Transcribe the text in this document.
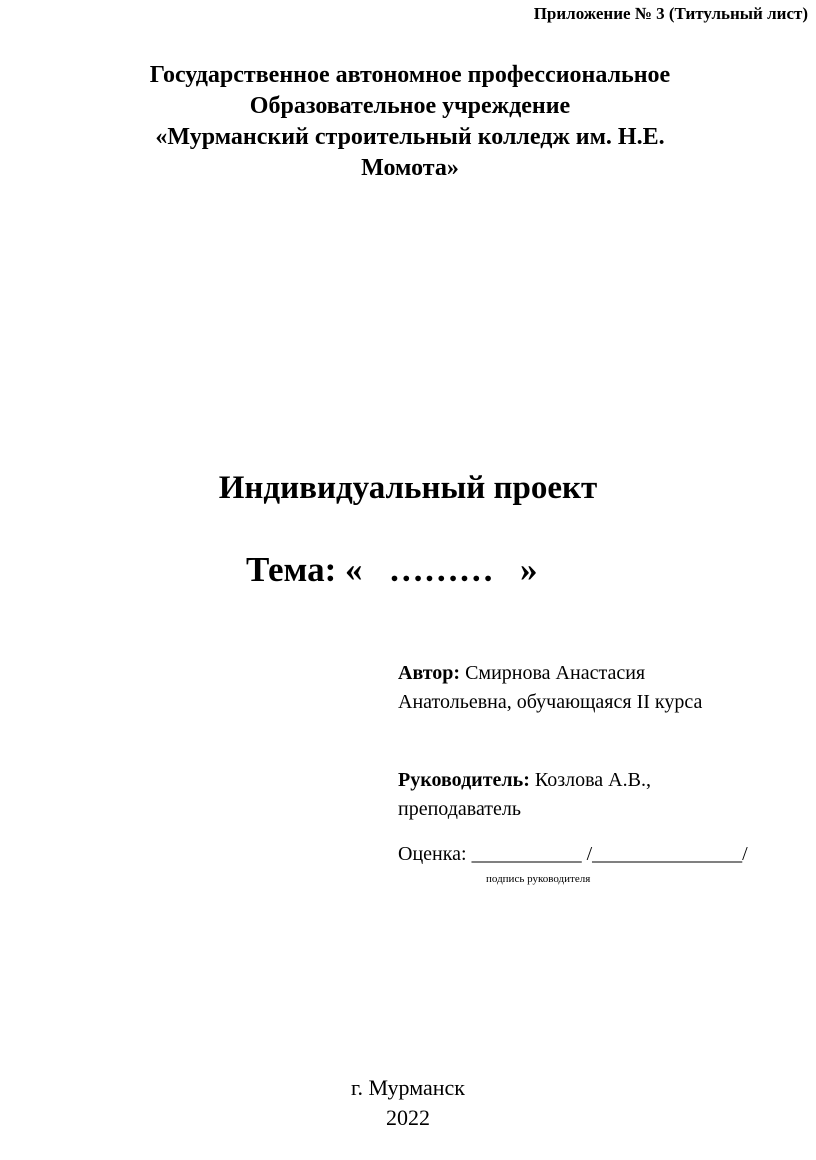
Приложение № 3 (Титульный лист)
Государственное автономное профессиональное
Образовательное учреждение
«Мурманский строительный колледж им. Н.Е.
Момота»
Индивидуальный проект
Тема: «   ………   »
Автор: Смирнова Анастасия
Анатольевна, обучающаяся II курса
Руководитель: Козлова А.В.,
преподаватель
Оценка: ___________ /_______________/
подпись руководителя
г. Мурманск
2022
